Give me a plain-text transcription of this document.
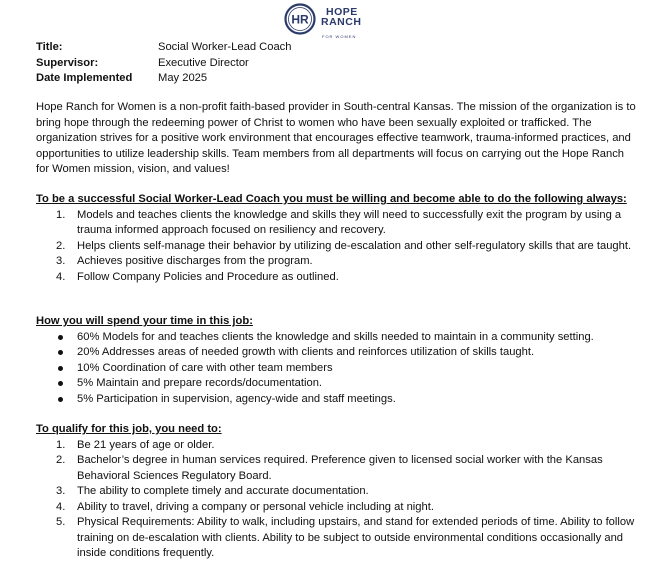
HR
HOPE
RANCH
FOR WOMEN
Title:	Social Worker-Lead Coach
Supervisor:	Executive Director
Date Implemented May 2025

Hope Ranch for Women is a non-profit faith-based provider in South-central Kansas. The mission of the organization is to bring hope through the redeeming power of Christ to women who have been sexually exploited or trafficked. The organization strives for a positive work environment that encourages effective teamwork, trauma-informed practices, and opportunities to utilize leadership skills. Team members from all departments will focus on carrying out the Hope Ranch for Women mission, vision, and values!

To be a successful Social Worker-Lead Coach you must be willing and become able to do the following always:
1.	Models and teaches clients the knowledge and skills they will need to successfully exit the program by using a trauma informed approach focused on resiliency and recovery.
2.	Helps clients self-manage their behavior by utilizing de-escalation and other self-regulatory skills that are taught.
3.	Achieves positive discharges from the program.
4.	Follow Company Policies and Procedure as outlined.
How you will spend your time in this job:
60% Models for and teaches clients the knowledge and skills needed to maintain in a community setting.
20% Addresses areas of needed growth with clients and reinforces utilization of skills taught.
10% Coordination of care with other team members
5% Maintain and prepare records/documentation.
5% Participation in supervision, agency-wide and staff meetings.
To qualify for this job, you need to:
1.	Be 21 years of age or older.
2.	Bachelor’s degree in human services required. Preference given to licensed social worker with the Kansas Behavioral Sciences Regulatory Board.
3.	The ability to complete timely and accurate documentation.
4.	Ability to travel, driving a company or personal vehicle including at night.
5.	Physical Requirements: Ability to walk, including upstairs, and stand for extended periods of time. Ability to follow training on de-escalation with clients. Ability to be subject to outside environmental conditions occasionally and inside conditions frequently.
